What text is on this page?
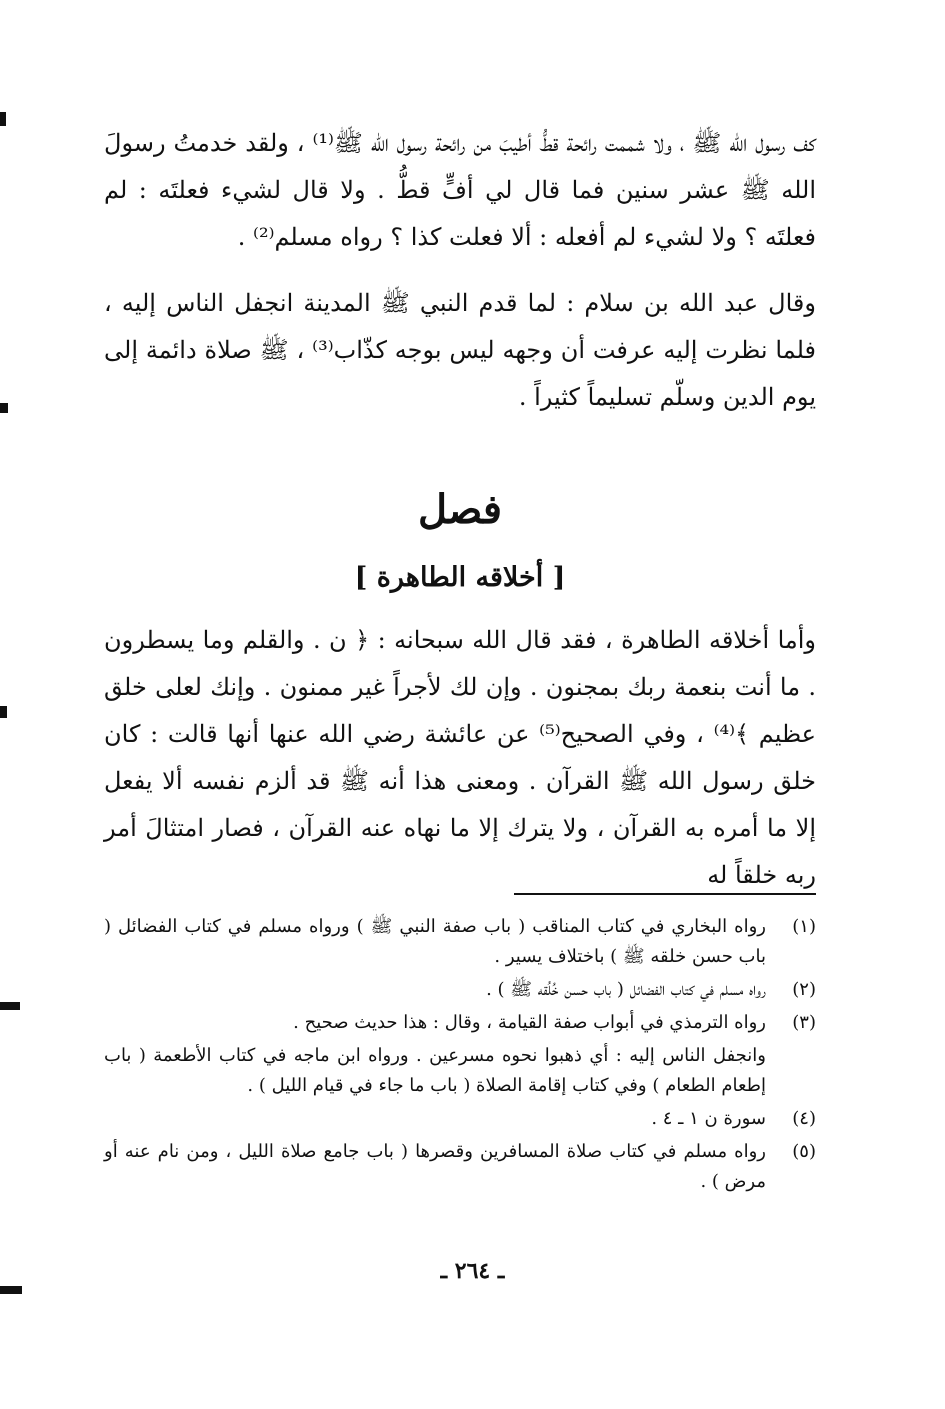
كف رسول الله ﷺ ، ولا شممت رائحة قطُّ أطيبَ من رائحة رسول الله ﷺ⁽¹⁾ ، ولقد خدمتُ رسولَ الله ﷺ عشر سنين فما قال لي أفٍّ قطُّ . ولا قال لشيء فعلتَه : لم فعلتَه ؟ ولا لشيء لم أفعله : ألا فعلت كذا ؟ رواه مسلم⁽²⁾ .

وقال عبد الله بن سلام : لما قدم النبي ﷺ المدينة انجفل الناس إليه ، فلما نظرت إليه عرفت أن وجهه ليس بوجه كذّاب⁽³⁾ ، ﷺ صلاة دائمة إلى يوم الدين وسلّم تسليماً كثيراً .

فصل
[ أخلاقه الطاهرة ]

وأما أخلاقه الطاهرة ، فقد قال الله سبحانه : ﴿ ن . والقلم وما يسطرون . ما أنت بنعمة ربك بمجنون . وإن لك لأجراً غير ممنون . وإنك لعلى خلق عظيم ﴾⁽⁴⁾ ، وفي الصحيح⁽⁵⁾ عن عائشة رضي الله عنها أنها قالت : كان خلق رسول الله ﷺ القرآن . ومعنى هذا أنه ﷺ قد ألزم نفسه ألا يفعل إلا ما أمره به القرآن ، ولا يترك إلا ما نهاه عنه القرآن ، فصار امتثالَ أمر ربه خلقاً له

(١)
رواه البخاري في كتاب المناقب ( باب صفة النبي ﷺ ) ورواه مسلم في كتاب الفضائل ( باب حسن خلقه ﷺ ) باختلاف يسير .
(٢)
رواه مسلم في كتاب الفضائل ( باب حسن خُلُقه ﷺ ) .
(٣)
رواه الترمذي في أبواب صفة القيامة ، وقال : هذا حديث صحيح .
وانجفل الناس إليه : أي ذهبوا نحوه مسرعين . ورواه ابن ماجه في كتاب الأطعمة ( باب إطعام الطعام ) وفي كتاب إقامة الصلاة ( باب ما جاء في قيام الليل ) .
(٤)
سورة ن ١ ـ ٤ .
(٥)
رواه مسلم في كتاب صلاة المسافرين وقصرها ( باب جامع صلاة الليل ، ومن نام عنه أو مرض ) .
ـ ٢٦٤ ـ
